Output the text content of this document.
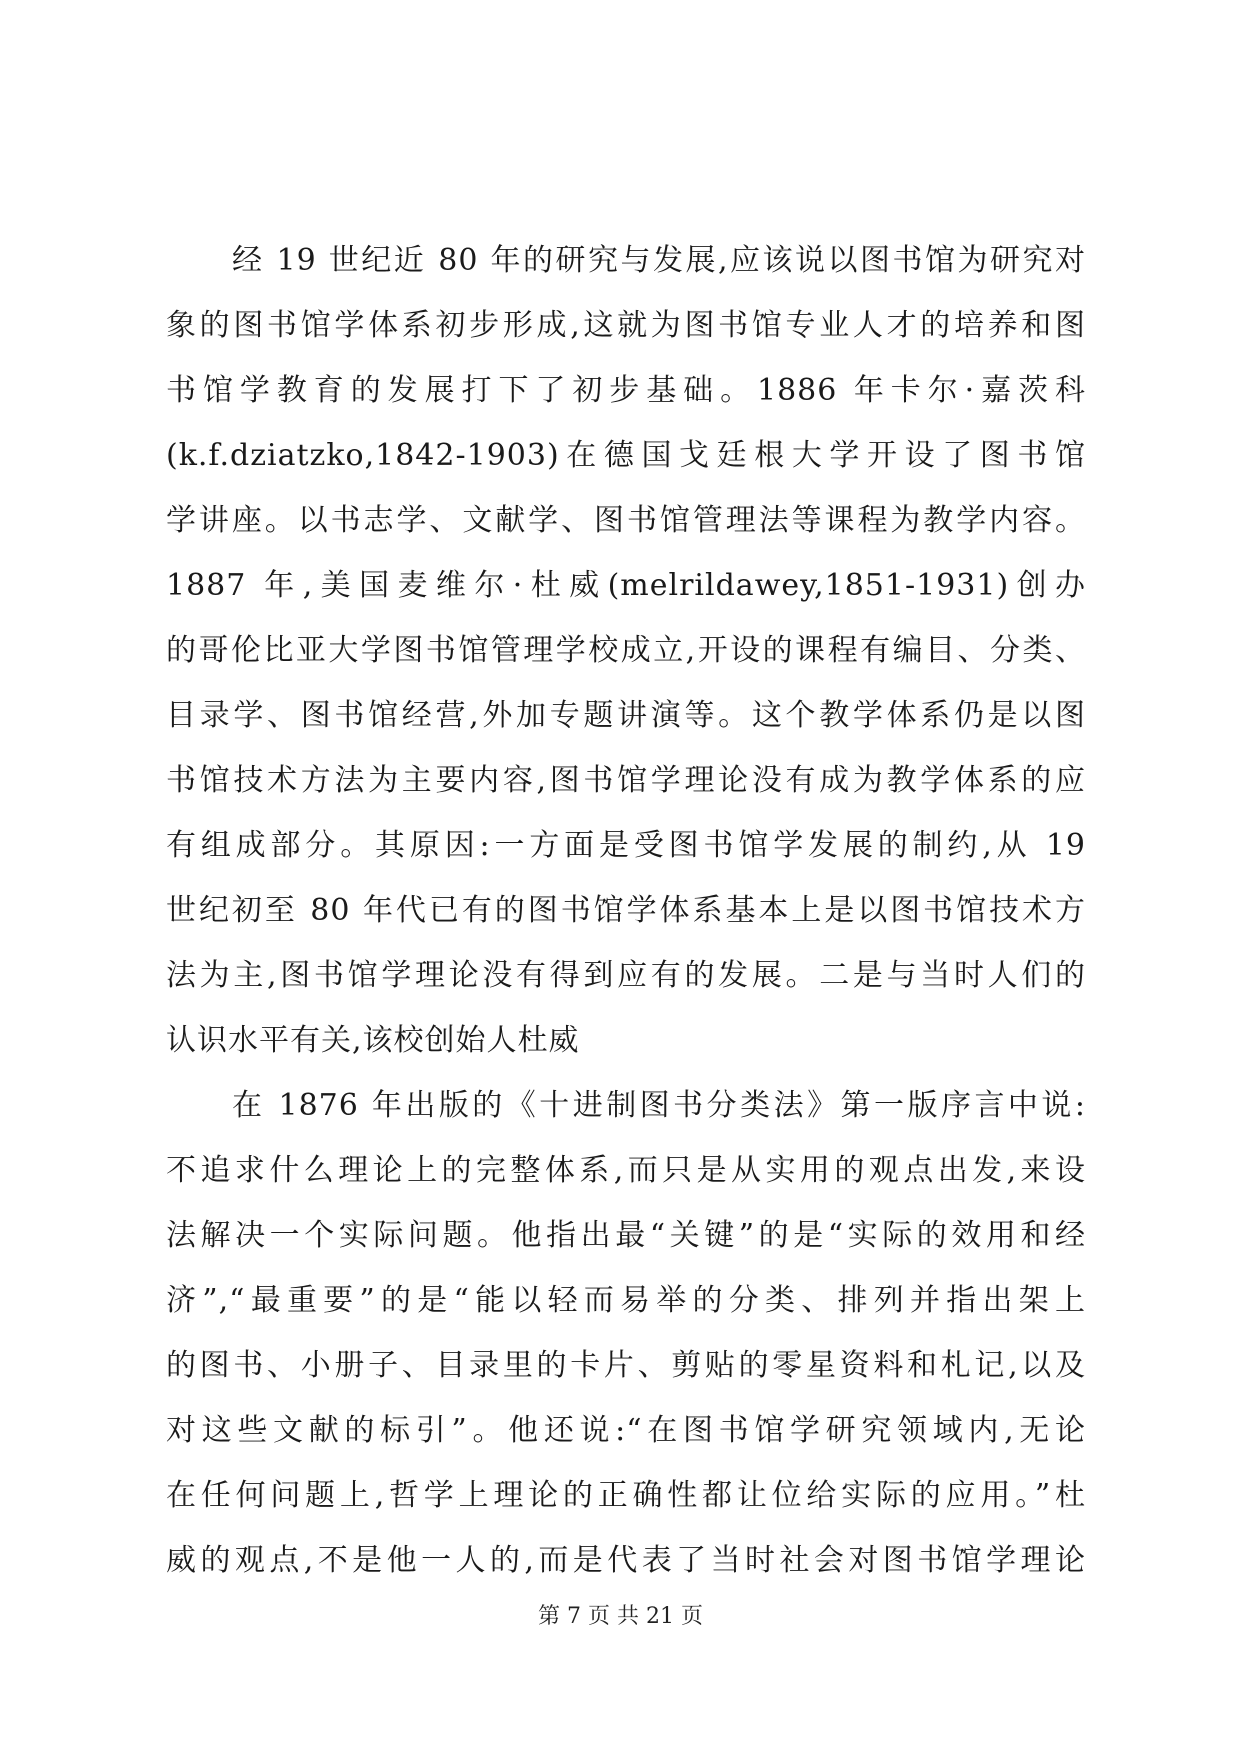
经 19 世纪近 80 年的研究与发展,应该说以图书馆为研究对
象的图书馆学体系初步形成,这就为图书馆专业人才的培养和图
书馆学教育的发展打下了初步基础。1886 年卡尔·嘉茨科
(k.f.dziatzko,1842-1903)在德国戈廷根大学开设了图书馆
学讲座。以书志学、文献学、图书馆管理法等课程为教学内容。
1887 年,美国麦维尔·杜威(melrildawey,1851-1931)创办
的哥伦比亚大学图书馆管理学校成立,开设的课程有编目、分类、
目录学、图书馆经营,外加专题讲演等。这个教学体系仍是以图
书馆技术方法为主要内容,图书馆学理论没有成为教学体系的应
有组成部分。其原因:一方面是受图书馆学发展的制约,从 19
世纪初至 80 年代已有的图书馆学体系基本上是以图书馆技术方
法为主,图书馆学理论没有得到应有的发展。二是与当时人们的
认识水平有关,该校创始人杜威
在 1876 年出版的《十进制图书分类法》第一版序言中说:
不追求什么理论上的完整体系,而只是从实用的观点出发,来设
法解决一个实际问题。他指出最“关键”的是“实际的效用和经
济”,“最重要”的是“能以轻而易举的分类、排列并指出架上
的图书、小册子、目录里的卡片、剪贴的零星资料和札记,以及
对这些文献的标引”。他还说:“在图书馆学研究领域内,无论
在任何问题上,哲学上理论的正确性都让位给实际的应用。”杜
威的观点,不是他一人的,而是代表了当时社会对图书馆学理论
第 7 页 共 21 页
